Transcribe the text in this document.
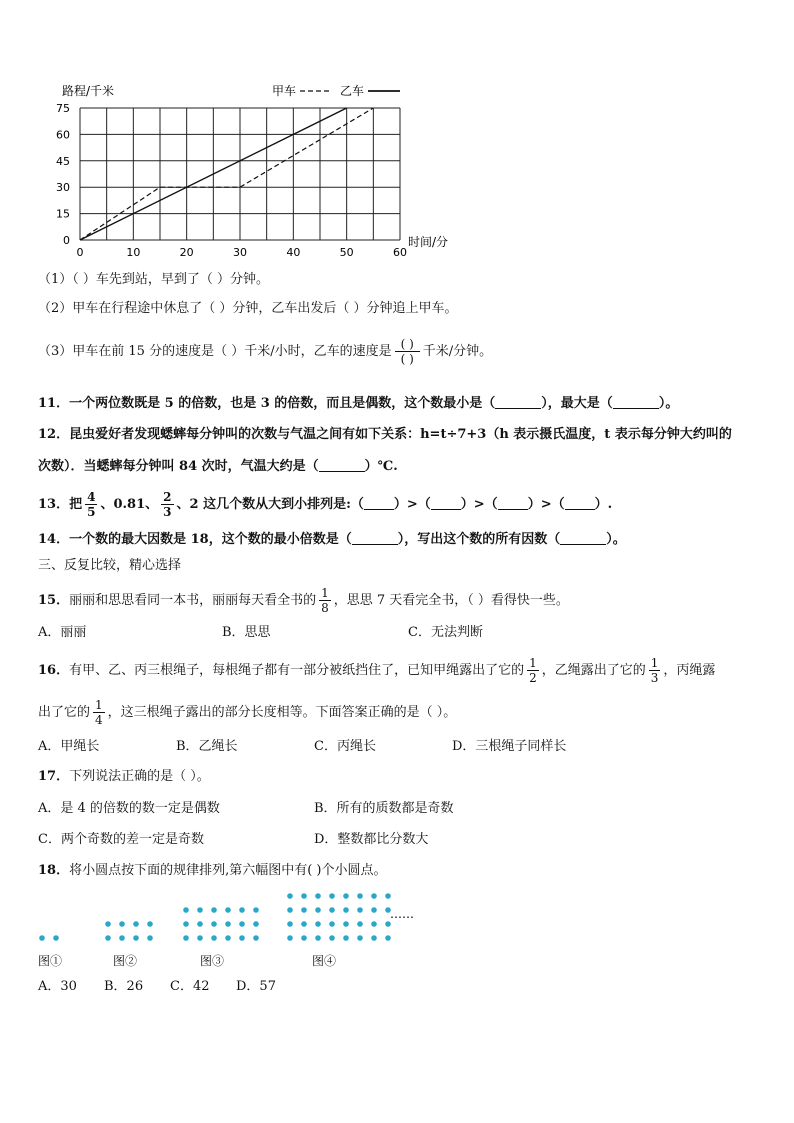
路程/千米	甲车	乙车
0	10	20	30	40	50	60
0
15
30
45
60
75
时间/分
（1）（ ）车先到站，早到了（ ）分钟。
（2）甲车在行程途中休息了（ ）分钟，乙车出发后（ ）分钟追上甲车。
（3）甲车在前 15 分的速度是（ ）千米/小时，乙车的速度是 $\frac{( )}{( )}$ 千米/分钟。
11．一个两位数既是 5 的倍数，也是 3 的倍数，而且是偶数，这个数最小是（	），最大是（	）。
12．昆虫爱好者发现蟋蟀每分钟叫的次数与气温之间有如下关系：h=t÷7+3（h 表示摄氏温度，t 表示每分钟大约叫的
次数）．当蟋蟀每分钟叫 84 次时，气温大约是（	）℃.
13．把 $\frac{4}{5}$ 、0.81、 $\frac{2}{3}$ 、2 这几个数从大到小排列是:（ ）>（ ）>（ ）>（ ）.
14．一个数的最大因数是 18，这个数的最小倍数是（	），写出这个数的所有因数（	）。
三、反复比较，精心选择
15．丽丽和思思看同一本书，丽丽每天看全书的 $\frac{1}{8}$ ，思思 7 天看完全书，（ ）看得快一些。
A．丽丽	B．思思	C．无法判断
16．有甲、乙、丙三根绳子，每根绳子都有一部分被纸挡住了，已知甲绳露出了它的 $\frac{1}{2}$ ，乙绳露出了它的 $\frac{1}{3}$ ，丙绳露
出了它的 $\frac{1}{4}$ ，这三根绳子露出的部分长度相等。下面答案正确的是（ ）。
A．甲绳长	B．乙绳长	C．丙绳长	D．三根绳子同样长
17．下列说法正确的是（ ）。
A．是 4 的倍数的数一定是偶数	B．所有的质数都是奇数
C．两个奇数的差一定是奇数	D．整数都比分数大
18．将小圆点按下面的规律排列,第六幅图中有( )个小圆点。
……
图①	图②	图③	图④
A．30 B．26 C．42 D．57
